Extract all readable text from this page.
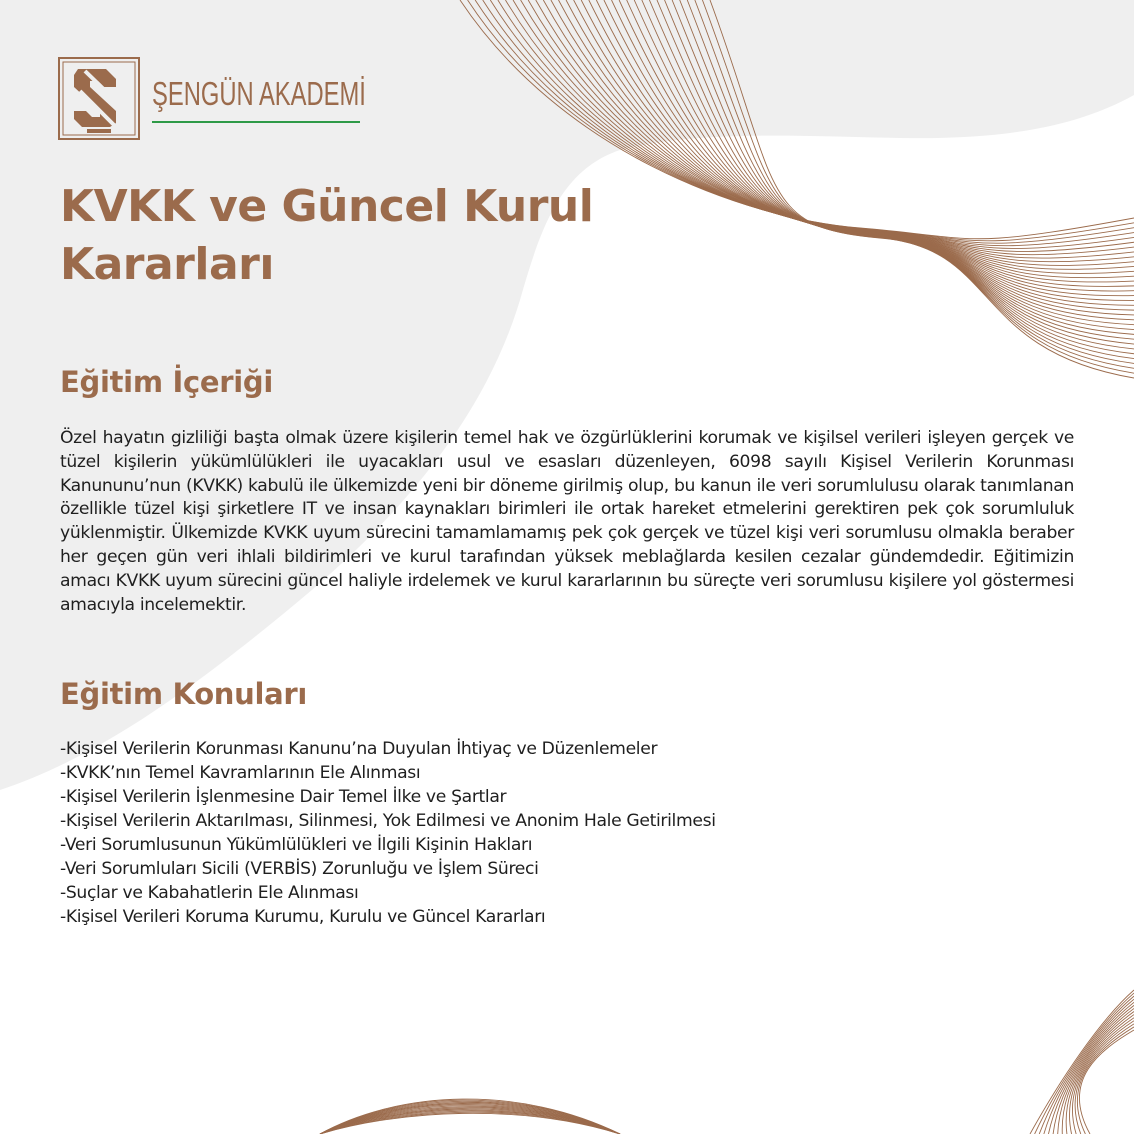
ŞENGÜN AKADEMİ
KVKK ve Güncel Kurul
Kararları
Eğitim İçeriği

Özel hayatın gizliliği başta olmak üzere kişilerin temel hak ve özgürlüklerini korumak ve kişilsel verileri işleyen gerçek ve tüzel kişilerin yükümlülükleri ile uyacakları usul ve esasları düzenleyen, 6098 sayılı Kişisel Verilerin Korunması Kanununu’nun (KVKK) kabulü ile ülkemizde yeni bir döneme girilmiş olup, bu kanun ile veri sorumlulusu olarak tanımlanan özellikle tüzel kişi şirketlere IT ve insan kaynakları birimleri ile ortak hareket etmelerini gerektiren pek çok sorumluluk yüklenmiştir. Ülkemizde KVKK uyum sürecini tamamlamamış pek çok gerçek ve tüzel kişi veri sorumlusu olmakla beraber her geçen gün veri ihlali bildirimleri ve kurul tarafından yüksek meblağlarda kesilen cezalar gündemdedir. Eğitimizin amacı KVKK uyum sürecini güncel haliyle irdelemek ve kurul kararlarının bu süreçte veri sorumlusu kişilere yol göstermesi amacıyla incelemektir.

Eğitim Konuları
-Kişisel Verilerin Korunması Kanunu’na Duyulan İhtiyaç ve Düzenlemeler
-KVKK’nın Temel Kavramlarının Ele Alınması
-Kişisel Verilerin İşlenmesine Dair Temel İlke ve Şartlar
-Kişisel Verilerin Aktarılması, Silinmesi, Yok Edilmesi ve Anonim Hale Getirilmesi
-Veri Sorumlusunun Yükümlülükleri ve İlgili Kişinin Hakları
-Veri Sorumluları Sicili (VERBİS) Zorunluğu ve İşlem Süreci
-Suçlar ve Kabahatlerin Ele Alınması
-Kişisel Verileri Koruma Kurumu, Kurulu ve Güncel Kararları
